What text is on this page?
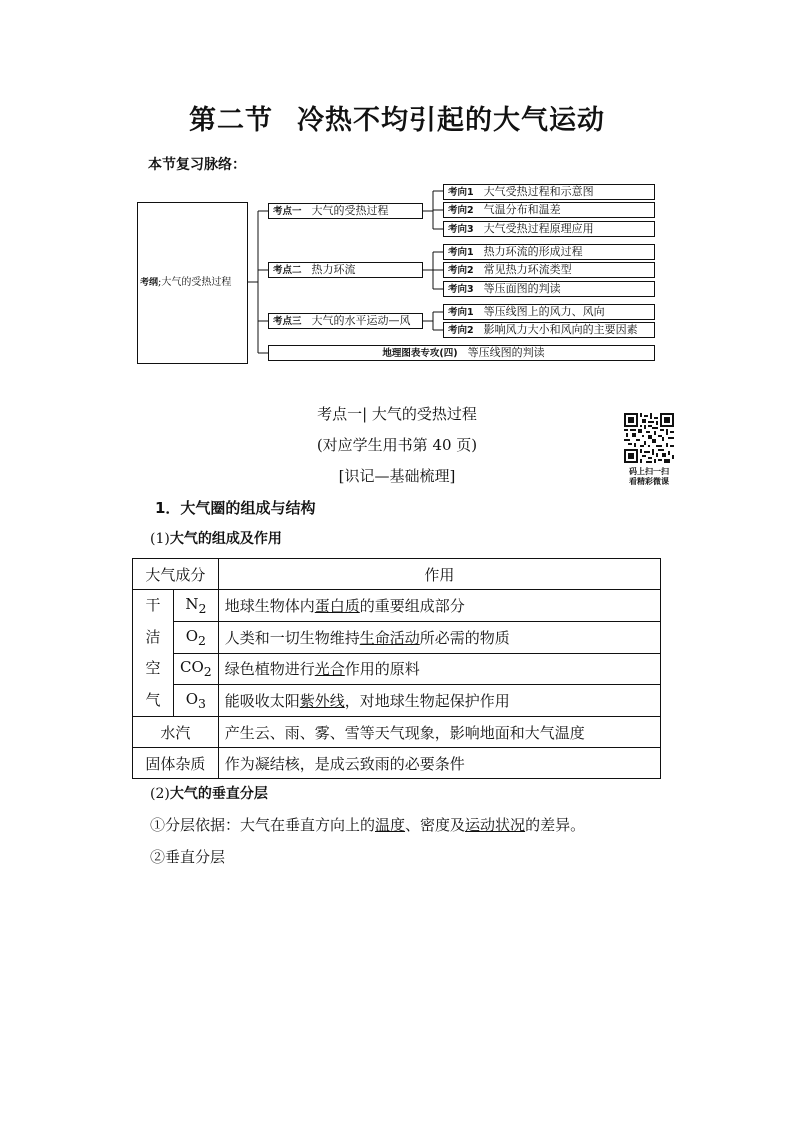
第二节 冷热不均引起的大气运动
本节复习脉络：
考纲;大气的受热过程
考点一 大气的受热过程
考点二 热力环流
考点三 大气的水平运动—风
考向1 大气受热过程和示意图
考向2 气温分布和温差
考向3 大气受热过程原理应用
考向1 热力环流的形成过程
考向2 常见热力环流类型
考向3 等压面图的判读
考向1 等压线图上的风力、风向
考向2 影响风力大小和风向的主要因素
地理图表专攻(四) 等压线图的判读
考点一| 大气的受热过程
(对应学生用书第 40 页)
[识记—基础梳理]	码上扫一扫
看精彩微课
1．大气圈的组成与结构
(1)大气的组成及作用
大气成分		作用

干
洁
空
气	$N_2$	地球生物体内蛋白质的重要组成部分
	$O_2$	人类和一切生物维持生命活动所必需的物质
	$CO_2$	绿色植物进行光合作用的原料
	$O_3$	能吸收太阳紫外线，对地球生物起保护作用
水汽		产生云、雨、雾、雪等天气现象，影响地面和大气温度
固体杂质		作为凝结核，是成云致雨的必要条件
(2)大气的垂直分层
①分层依据：大气在垂直方向上的温度、密度及运动状况的差异。
②垂直分层
